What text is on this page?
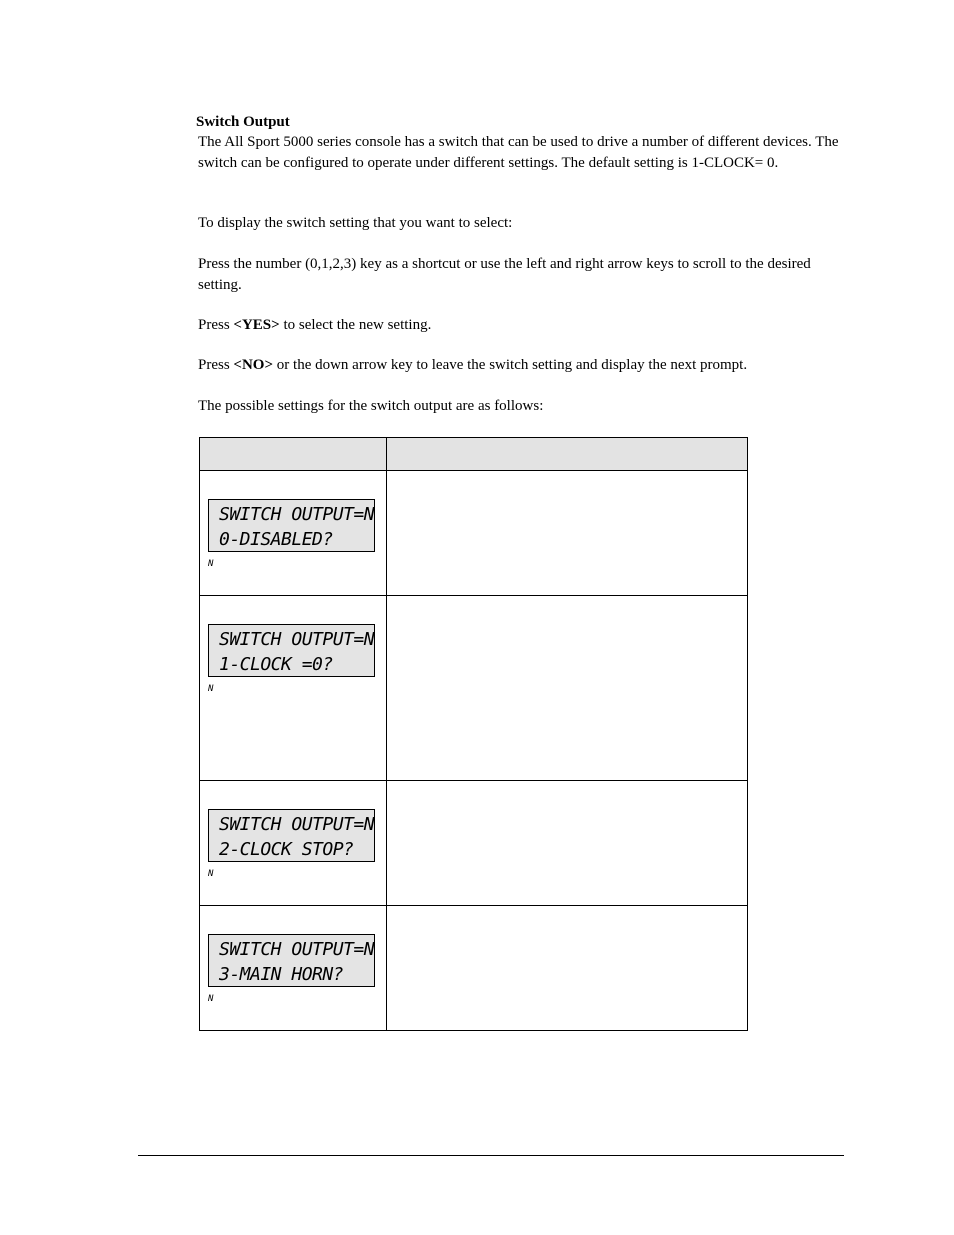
Switch Output

The All Sport 5000 series console has a switch that can be used to drive a number of different devices. The switch can be configured to operate under different settings. The default setting is 1-CLOCK= 0.

To display the switch setting that you want to select:

Press the number (0,1,2,3) key as a shortcut or use the left and right arrow keys to scroll to the desired setting.

Press <YES> to select the new setting.

Press <NO> or the down arrow key to leave the switch setting and display the next prompt.

The possible settings for the switch output are as follows:

SWITCH OUTPUT=N
0-DISABLED?
N	

SWITCH OUTPUT=N
1-CLOCK =0?
N	

SWITCH OUTPUT=N
2-CLOCK STOP?
N	

SWITCH OUTPUT=N
3-MAIN HORN?
N	
